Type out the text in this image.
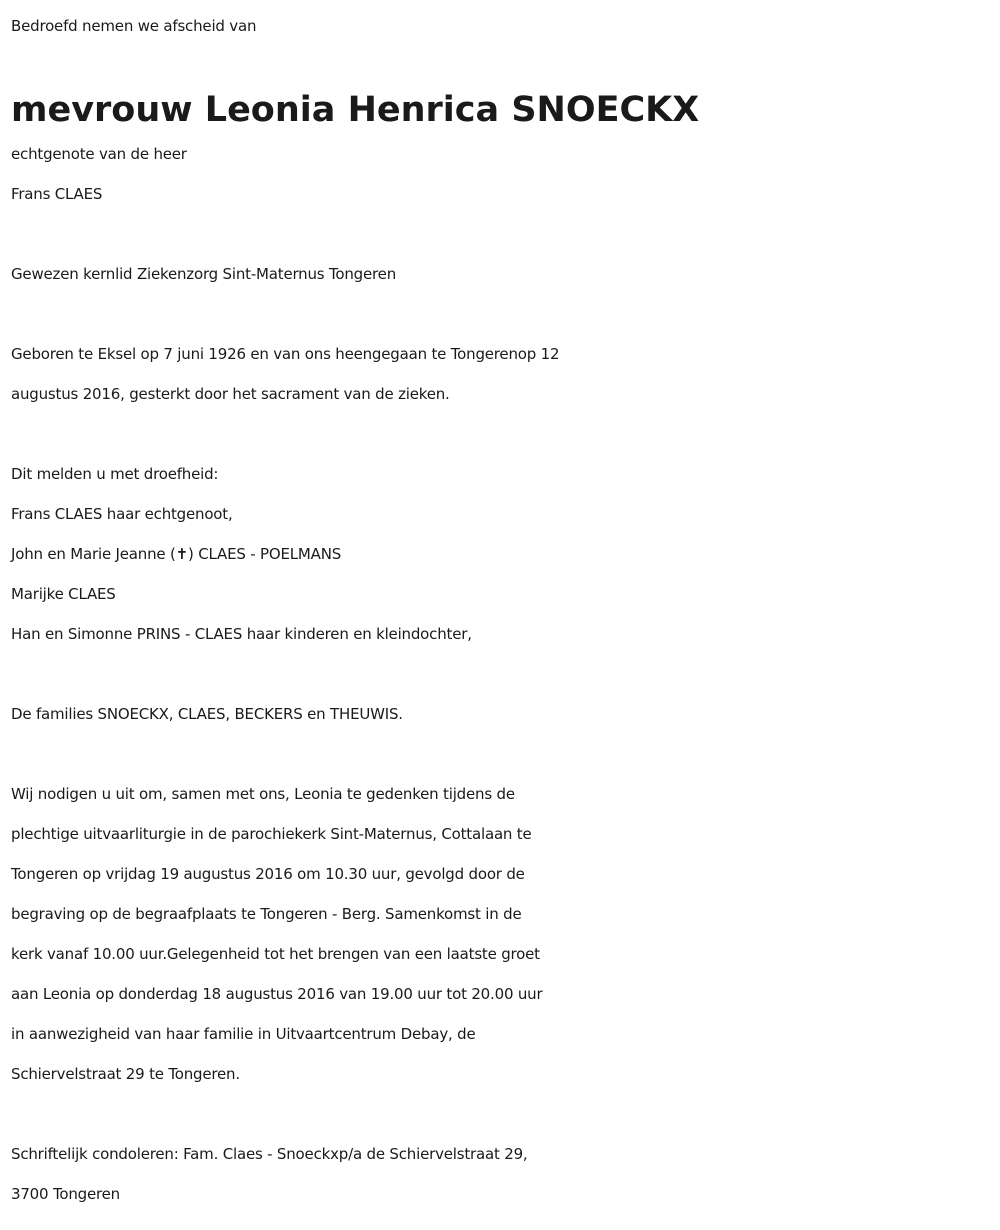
Bedroefd nemen we afscheid van
mevrouw Leonia Henrica SNOECKX
echtgenote van de heer
Frans CLAES
Gewezen kernlid Ziekenzorg Sint-Maternus Tongeren
Geboren te Eksel op 7 juni 1926 en van ons heengegaan te Tongerenop 12
augustus 2016, gesterkt door het sacrament van de zieken.
Dit melden u met droefheid:
Frans CLAES haar echtgenoot,
John en Marie Jeanne (✝) CLAES - POELMANS
Marijke CLAES
Han en Simonne PRINS - CLAES haar kinderen en kleindochter,
De families SNOECKX, CLAES, BECKERS en THEUWIS.
Wij nodigen u uit om, samen met ons, Leonia te gedenken tijdens de
plechtige uitvaarliturgie in de parochiekerk Sint-Maternus, Cottalaan te
Tongeren op vrijdag 19 augustus 2016 om 10.30 uur, gevolgd door de
begraving op de begraafplaats te Tongeren - Berg. Samenkomst in de
kerk vanaf 10.00 uur.Gelegenheid tot het brengen van een laatste groet
aan Leonia op donderdag 18 augustus 2016 van 19.00 uur tot 20.00 uur
in aanwezigheid van haar familie in Uitvaartcentrum Debay, de
Schiervelstraat 29 te Tongeren.
Schriftelijk condoleren: Fam. Claes - Snoeckxp/a de Schiervelstraat 29,
3700 Tongeren
